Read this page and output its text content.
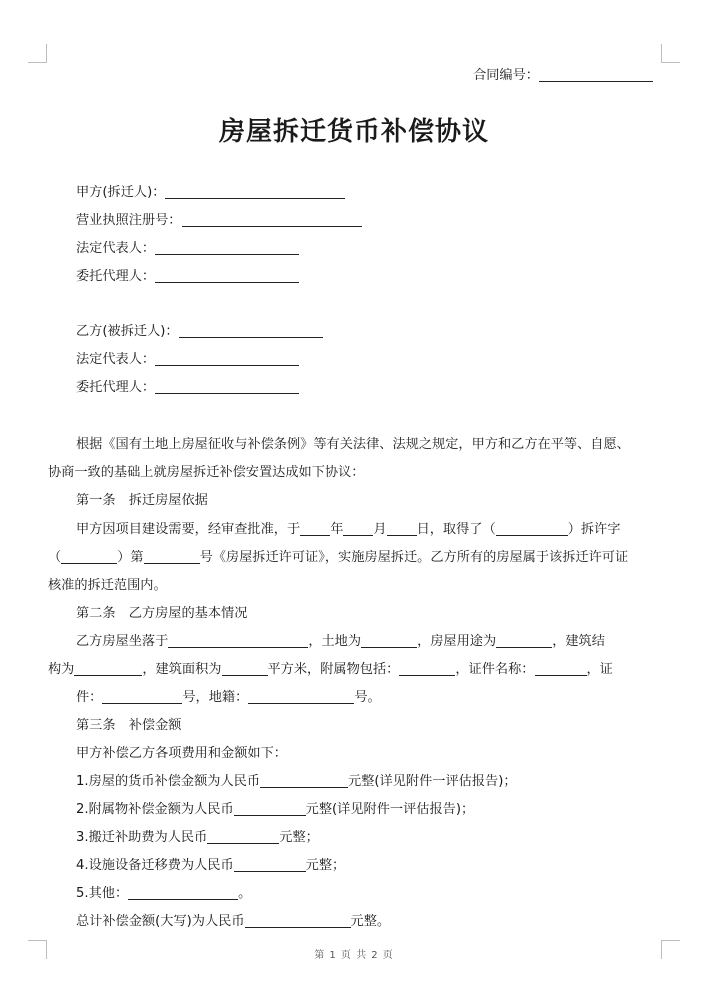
合同编号：
房屋拆迁货币补偿协议
甲方(拆迁人)：
营业执照注册号：
法定代表人：
委托代理人：
乙方(被拆迁人)：
法定代表人：
委托代理人：
根据《国有土地上房屋征收与补偿条例》等有关法律、法规之规定，甲方和乙方在平等、自愿、
协商一致的基础上就房屋拆迁补偿安置达成如下协议：
第一条　拆迁房屋依据
甲方因项目建设需要，经审查批准，于 年 月 日，取得了（	）拆许字
（	）第	号《房屋拆迁许可证》，实施房屋拆迁。乙方所有的房屋属于该拆迁许可证
核准的拆迁范围内。
第二条　乙方房屋的基本情况
乙方房屋坐落于	，土地为	，房屋用途为	，建筑结
构为	，建筑面积为	平方米，附属物包括：	，证件名称：	，证
件：	号，地籍：	号。
第三条　补偿金额
甲方补偿乙方各项费用和金额如下：
1.房屋的货币补偿金额为人民币	元整(详见附件一评估报告)；
2.附属物补偿金额为人民币	元整(详见附件一评估报告)；
3.搬迁补助费为人民币	元整；
4.设施设备迁移费为人民币	元整；
5.其他：	。
总计补偿金额(大写)为人民币	元整。
第 1 页 共 2 页
